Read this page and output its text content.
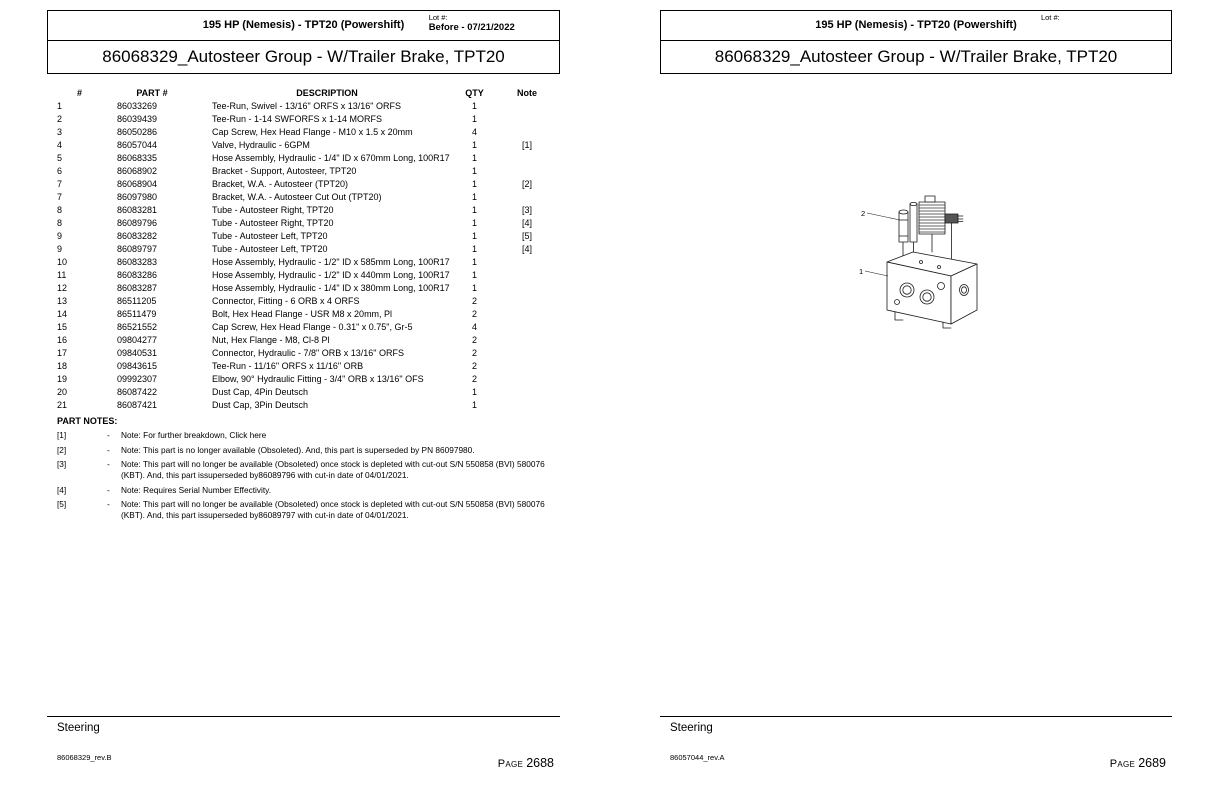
195 HP (Nemesis) - TPT20 (Powershift)
Lot #:
Before - 07/21/2022
86068329_Autosteer Group - W/Trailer Brake, TPT20
#	PART #	DESCRIPTION	QTY	Note
1	86033269	Tee-Run, Swivel - 13/16" ORFS x 13/16" ORFS	1
2	86039439	Tee-Run - 1-14 SWFORFS x 1-14 MORFS	1
3	86050286	Cap Screw, Hex Head Flange - M10 x 1.5 x 20mm	4
4	86057044	Valve, Hydraulic - 6GPM	1	[1]
5	86068335	Hose Assembly, Hydraulic - 1/4" ID x 670mm Long, 100R17	1
6	86068902	Bracket - Support, Autosteer, TPT20	1
7	86068904	Bracket, W.A. - Autosteer (TPT20)	1	[2]
7	86097980	Bracket, W.A. - Autosteer Cut Out (TPT20)	1
8	86083281	Tube - Autosteer Right, TPT20	1	[3]
8	86089796	Tube - Autosteer Right, TPT20	1	[4]
9	86083282	Tube - Autosteer Left, TPT20	1	[5]
9	86089797	Tube - Autosteer Left, TPT20	1	[4]
10	86083283	Hose Assembly, Hydraulic - 1/2" ID x 585mm Long, 100R17	1
11	86083286	Hose Assembly, Hydraulic - 1/2" ID x 440mm Long, 100R17	1
12	86083287	Hose Assembly, Hydraulic - 1/4" ID x 380mm Long, 100R17	1
13	86511205	Connector, Fitting - 6 ORB x 4 ORFS	2
14	86511479	Bolt, Hex Head Flange - USR M8 x 20mm, Pl	2
15	86521552	Cap Screw, Hex Head Flange - 0.31" x 0.75", Gr-5	4
16	09804277	Nut, Hex Flange - M8, Cl-8 Pl	2
17	09840531	Connector, Hydraulic - 7/8" ORB x 13/16" ORFS	2
18	09843615	Tee-Run - 11/16" ORFS x 11/16" ORB	2
19	09992307	Elbow, 90° Hydraulic Fitting - 3/4" ORB x 13/16" OFS	2
20	86087422	Dust Cap, 4Pin Deutsch	1
21	86087421	Dust Cap, 3Pin Deutsch	1
PART NOTES:
[1]	-	Note: For further breakdown, Click here
[2]	-	Note: This part is no longer available (Obsoleted). And, this part is superseded by PN 86097980.
[3]	-	Note: This part will no longer be available (Obsoleted) once stock is depleted with cut-out S/N 550858 (BVI) 580076 (KBT). And, this part issuperseded by86089796 with cut-in date of 04/01/2021.
[4]	-	Note: Requires Serial Number Effectivity.
[5]	-	Note: This part will no longer be available (Obsoleted) once stock is depleted with cut-out S/N 550858 (BVI) 580076 (KBT). And, this part issuperseded by86089797 with cut-in date of 04/01/2021.
Steering
86068329_rev.B
Page 2688
195 HP (Nemesis) - TPT20 (Powershift)
Lot #:
86068329_Autosteer Group - W/Trailer Brake, TPT20
2
1
Steering
86057044_rev.A
Page 2689
